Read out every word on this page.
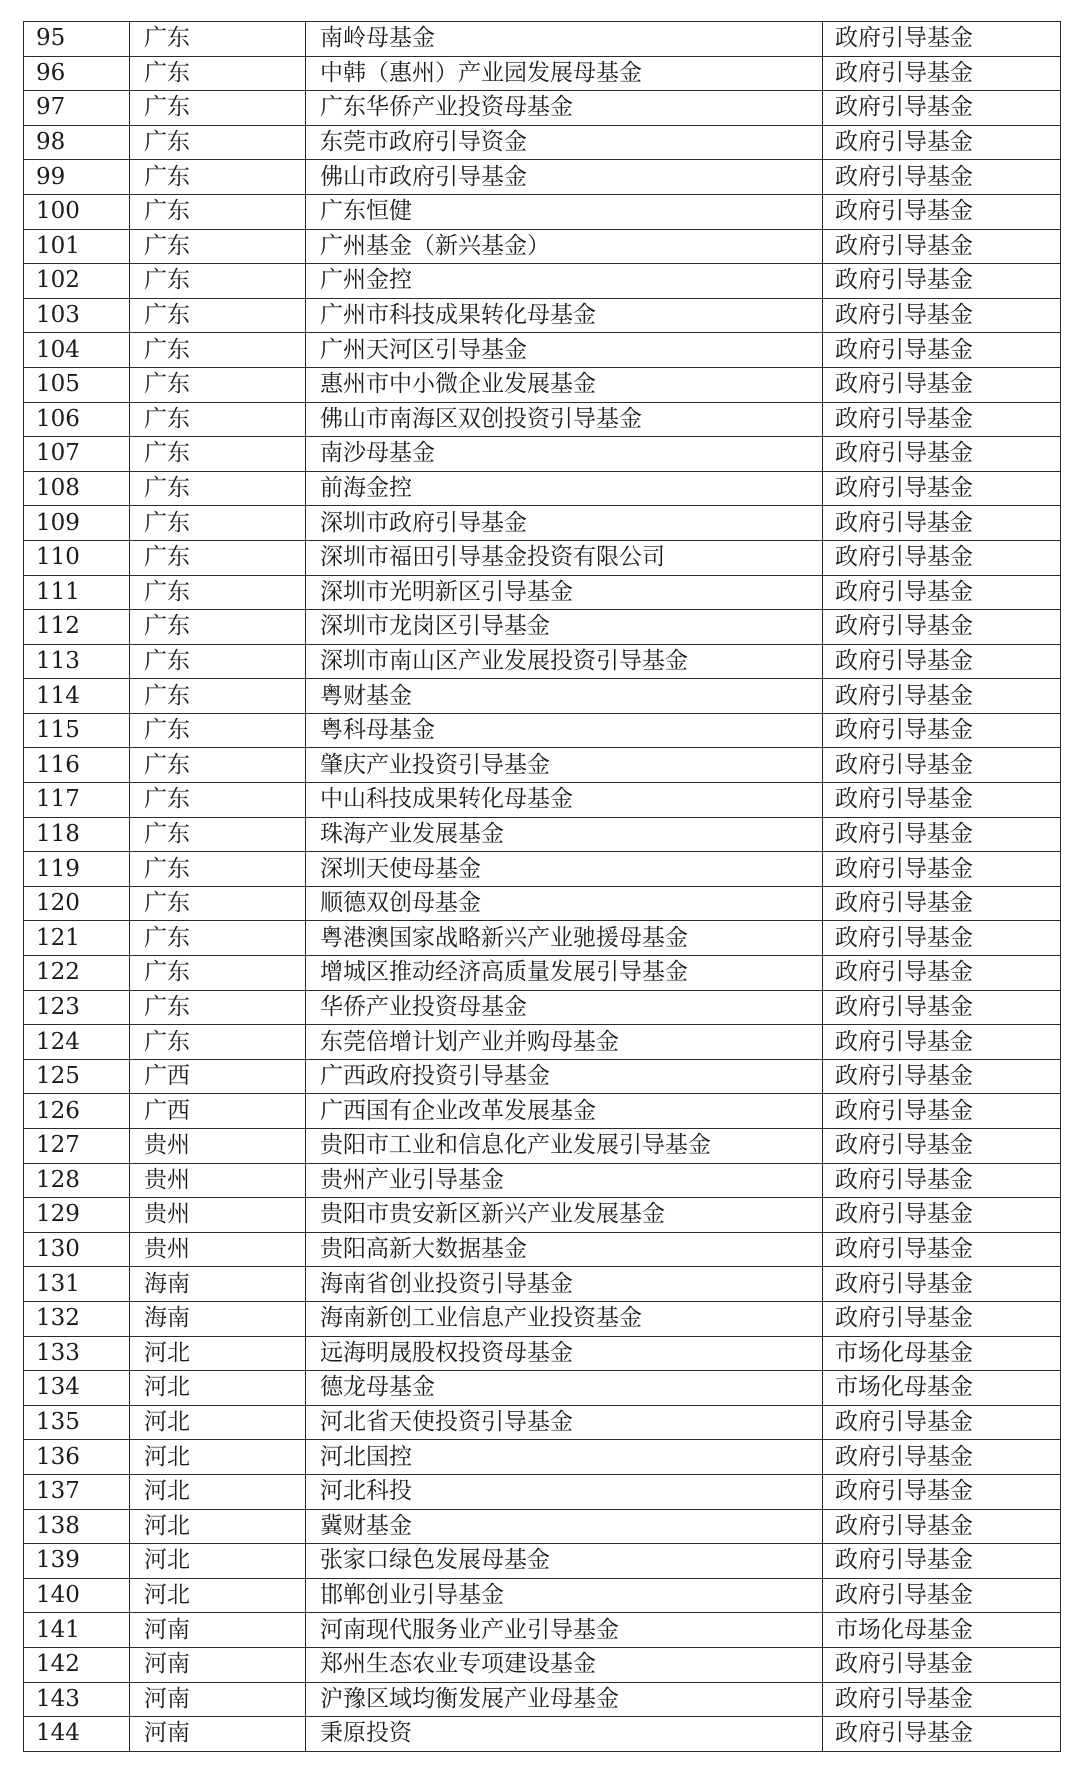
95	广东	南岭母基金	政府引导基金
96	广东	中韩（惠州）产业园发展母基金	政府引导基金
97	广东	广东华侨产业投资母基金	政府引导基金
98	广东	东莞市政府引导资金	政府引导基金
99	广东	佛山市政府引导基金	政府引导基金
100	广东	广东恒健	政府引导基金
101	广东	广州基金（新兴基金）	政府引导基金
102	广东	广州金控	政府引导基金
103	广东	广州市科技成果转化母基金	政府引导基金
104	广东	广州天河区引导基金	政府引导基金
105	广东	惠州市中小微企业发展基金	政府引导基金
106	广东	佛山市南海区双创投资引导基金	政府引导基金
107	广东	南沙母基金	政府引导基金
108	广东	前海金控	政府引导基金
109	广东	深圳市政府引导基金	政府引导基金
110	广东	深圳市福田引导基金投资有限公司	政府引导基金
111	广东	深圳市光明新区引导基金	政府引导基金
112	广东	深圳市龙岗区引导基金	政府引导基金
113	广东	深圳市南山区产业发展投资引导基金	政府引导基金
114	广东	粤财基金	政府引导基金
115	广东	粤科母基金	政府引导基金
116	广东	肇庆产业投资引导基金	政府引导基金
117	广东	中山科技成果转化母基金	政府引导基金
118	广东	珠海产业发展基金	政府引导基金
119	广东	深圳天使母基金	政府引导基金
120	广东	顺德双创母基金	政府引导基金
121	广东	粤港澳国家战略新兴产业驰援母基金	政府引导基金
122	广东	增城区推动经济高质量发展引导基金	政府引导基金
123	广东	华侨产业投资母基金	政府引导基金
124	广东	东莞倍增计划产业并购母基金	政府引导基金
125	广西	广西政府投资引导基金	政府引导基金
126	广西	广西国有企业改革发展基金	政府引导基金
127	贵州	贵阳市工业和信息化产业发展引导基金	政府引导基金
128	贵州	贵州产业引导基金	政府引导基金
129	贵州	贵阳市贵安新区新兴产业发展基金	政府引导基金
130	贵州	贵阳高新大数据基金	政府引导基金
131	海南	海南省创业投资引导基金	政府引导基金
132	海南	海南新创工业信息产业投资基金	政府引导基金
133	河北	远海明晟股权投资母基金	市场化母基金
134	河北	德龙母基金	市场化母基金
135	河北	河北省天使投资引导基金	政府引导基金
136	河北	河北国控	政府引导基金
137	河北	河北科投	政府引导基金
138	河北	冀财基金	政府引导基金
139	河北	张家口绿色发展母基金	政府引导基金
140	河北	邯郸创业引导基金	政府引导基金
141	河南	河南现代服务业产业引导基金	市场化母基金
142	河南	郑州生态农业专项建设基金	政府引导基金
143	河南	沪豫区域均衡发展产业母基金	政府引导基金
144	河南	秉原投资	政府引导基金
